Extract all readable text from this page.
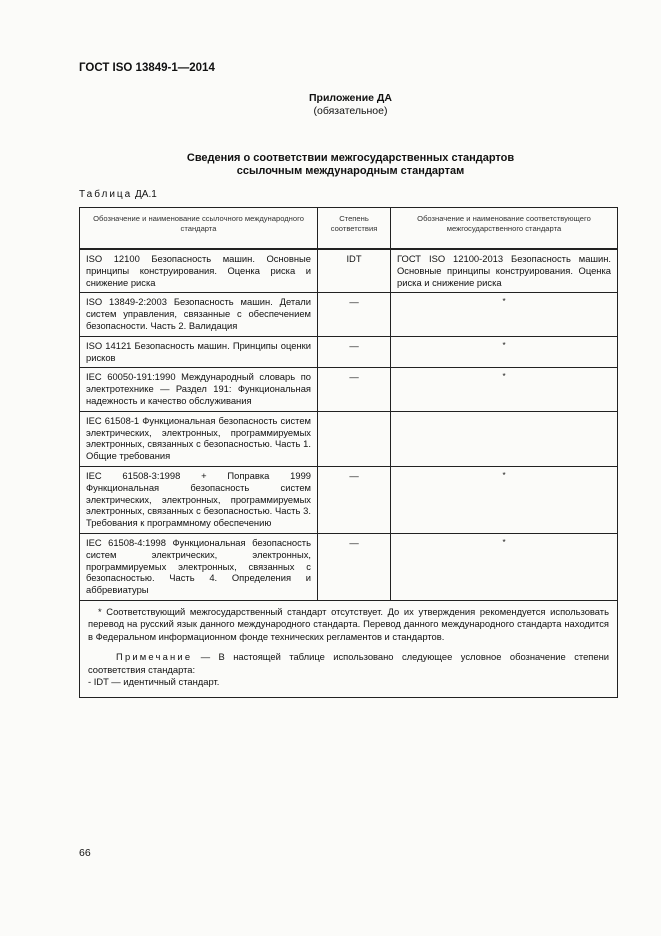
ГОСТ ISO 13849-1—2014
Приложение ДА
(обязательное)
Сведения о соответствии межгосударственных стандартов
ссылочным международным стандартам
Таблица ДА.1
Обозначение и наименование ссылочного международного стандарта	Степень соответствия	Обозначение и наименование соответствующего межгосударственного стандарта

ISO 12100 Безопасность машин. Основные принципы конструирования. Оценка риска и снижение риска	IDT	ГОСТ ISO 12100-2013 Безопасность машин. Основные принципы конструирования. Оценка риска и снижение риска

ISO 13849-2:2003 Безопасность машин. Детали систем управления, связанные с обеспечением безопасности. Часть 2. Валидация	—	*

ISO 14121 Безопасность машин. Принципы оценки рисков	—	*

IEC 60050-191:1990 Международный словарь по электротехнике — Раздел 191: Функциональная надежность и качество обслуживания	—	*

IEC 61508-1 Функциональная безопасность систем электрических, электронных, программируемых электронных, связанных с безопасностью. Часть 1. Общие требования		

IEC 61508-3:1998 + Поправка 1999 Функциональная безопасность систем электрических, электронных, программируемых электронных, связанных с безопасностью. Часть 3. Требования к программному обеспечению	—	*

IEC 61508-4:1998 Функциональная безопасность систем электрических, электронных, программируемых электронных, связанных с безопасностью. Часть 4. Определения и аббревиатуры	—	*

* Соответствующий межгосударственный стандарт отсутствует. До их утверждения рекомендуется использовать перевод на русский язык данного международного стандарта. Перевод данного международного стандарта находится в Федеральном информационном фонде технических регламентов и стандартов.

Примечание — В настоящей таблице использовано следующее условное обозначение степени соответствия стандарта:

- IDT — идентичный стандарт.		

66
